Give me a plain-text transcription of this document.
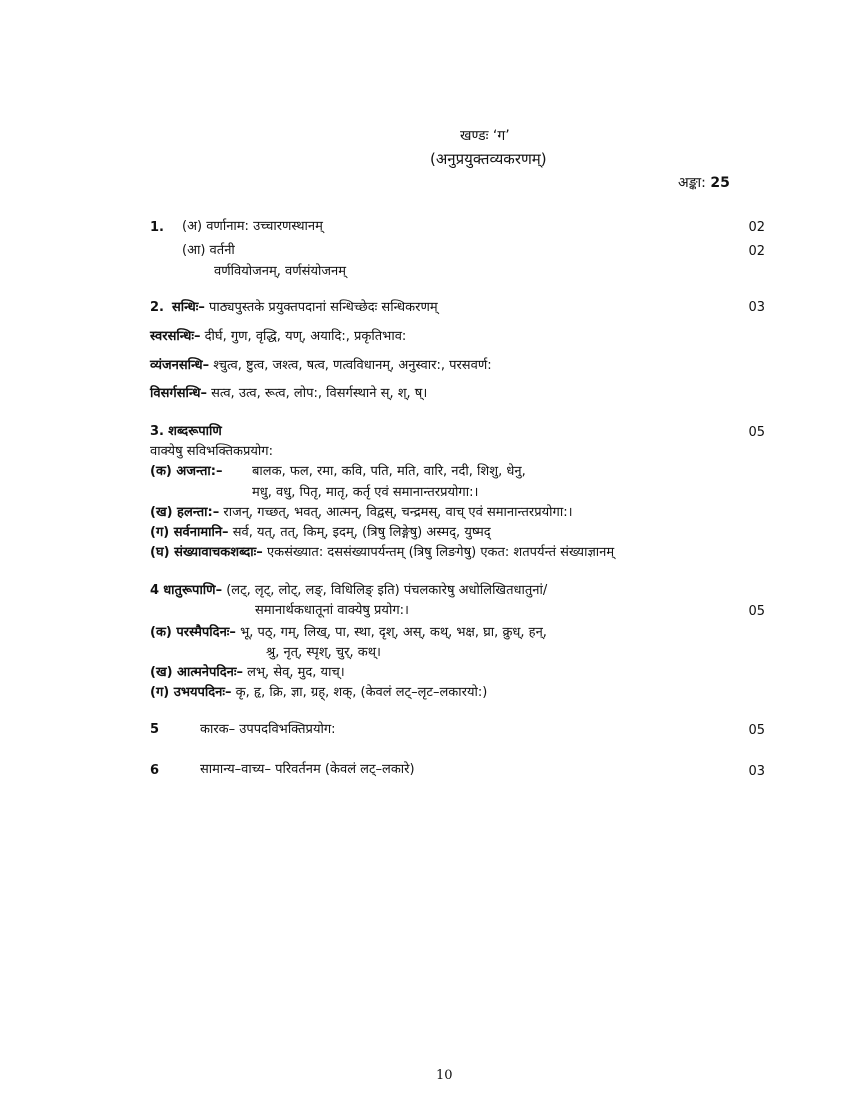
खण्डः ‘ग’
(अनुप्रयुक्तव्यकरणम्)
अङ्का: 25
1. (अ) वर्णानाम: उच्चारणस्थानम्	02
(आ) वर्तनी	02
वर्णवियोजनम्, वर्णसंयोजनम्
2. सन्धिः– पाठ्यपुस्तके प्रयुक्तपदानां सन्धिच्छेदः सन्धिकरणम्	03
स्वरसन्धिः– दीर्घ, गुण, वृद्धि, यण्, अयादि:, प्रकृतिभाव:
व्यंजनसन्धि– श्चुत्व, ष्टुत्व, जश्त्व, षत्व, णत्वविधानम्, अनुस्वार:, परसवर्ण:
विसर्गसन्धि– सत्व, उत्व, रूत्व, लोप:, विसर्गस्थाने स्, श्, ष्।
3. शब्दरूपाणि	05
वाक्येषु सविभक्तिकप्रयोग:
(क) अजन्ता:– बालक, फल, रमा, कवि, पति, मति, वारि, नदी, शिशु, धेनु,
मधु, वधु, पितृ, मातृ, कर्तृ एवं समानान्तरप्रयोगा:।
(ख) हलन्ता:– राजन्, गच्छत्, भवत्, आत्मन्, विद्वस्, चन्द्रमस्, वाच् एवं समानान्तरप्रयोगा:।
(ग) सर्वनामानि– सर्व, यत्, तत्, किम्, इदम्, (त्रिषु लिङ्गेषु) अस्मद्, युष्मद्
(घ) संख्यावाचकशब्दाः– एकसंख्यात: दससंख्यापर्यन्तम् (त्रिषु लिङगेषु) एकत: शतपर्यन्तं संख्याज्ञानम्
4 धातुरूपाणि– (लट्, लृट्, लोट्, लङ्, विधिलिङ् इति) पंचलकारेषु अधोलिखितधातुनां/
समानार्थकधातूनां वाक्येषु प्रयोग:।	05
(क) परस्मैपदिनः– भू, पठ्, गम्, लिख्, पा, स्था, दृश्, अस्, कथ्, भक्ष, घ्रा, क्रुध्, हन्,
श्रु, नृत्, स्पृश्, चुर्, कथ्।
(ख) आत्मनेपदिनः– लभ्, सेव्, मुद, याच्।
(ग) उभयपदिनः– कृ, हृ, क्रि, ज्ञा, ग्रह्, शक्, (केवलं लट्–लृट–लकारयो:)
5	कारक– उपपदविभक्तिप्रयोग:	05
6	सामान्य–वाच्य– परिवर्तनम (केवलं लट्–लकारे)	03
10
